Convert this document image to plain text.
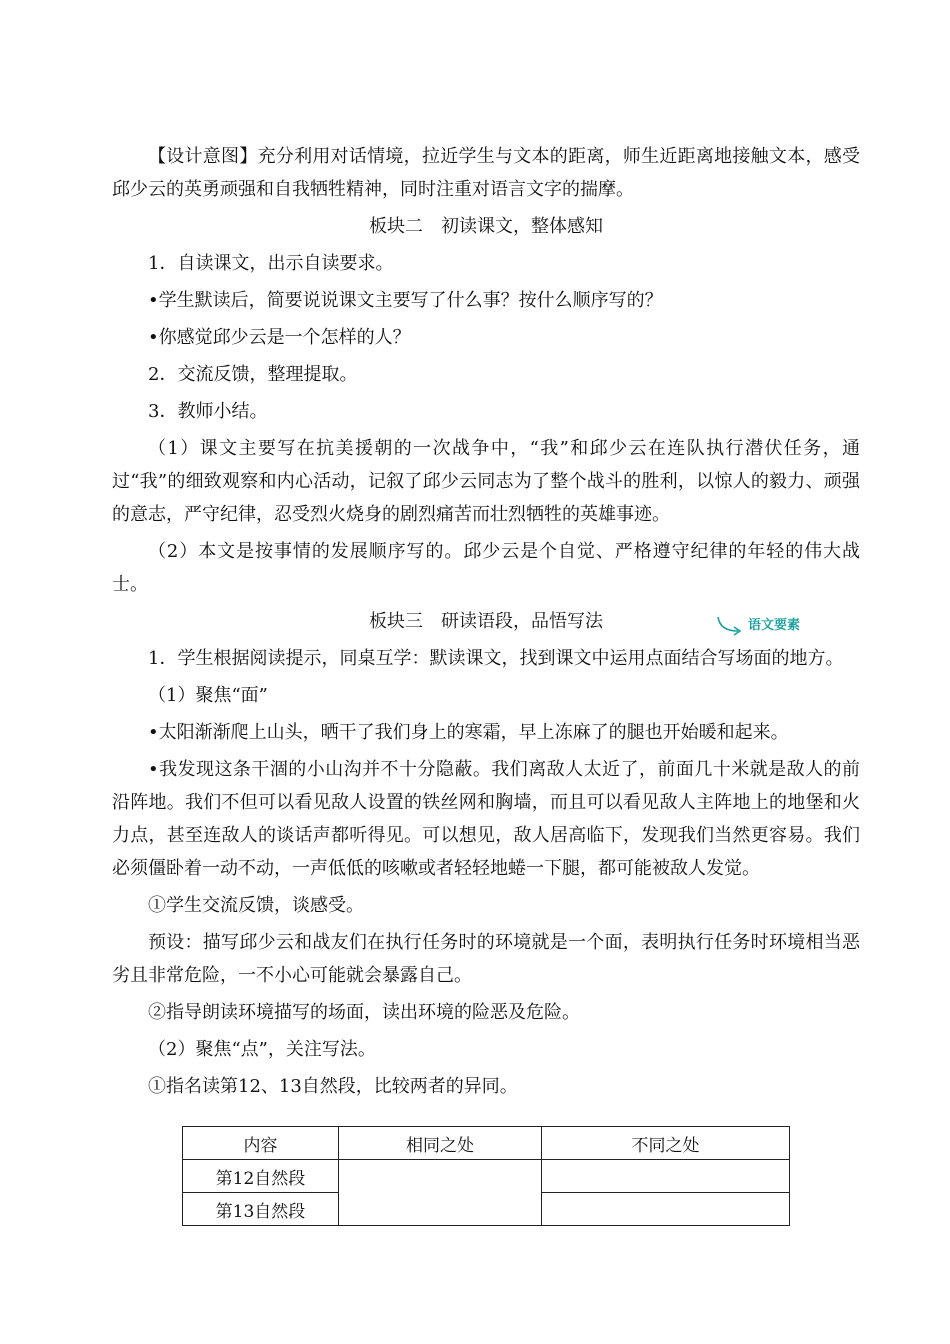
【设计意图】充分利用对话情境，拉近学生与文本的距离，师生近距离地接触文本，感受邱少云的英勇顽强和自我牺牲精神，同时注重对语言文字的揣摩。

板块二　初读课文，整体感知

1．自读课文，出示自读要求。

•学生默读后，简要说说课文主要写了什么事？按什么顺序写的？

•你感觉邱少云是一个怎样的人？

2．交流反馈，整理提取。

3．教师小结。

（1）课文主要写在抗美援朝的一次战争中，“我”和邱少云在连队执行潜伏任务，通过“我”的细致观察和内心活动，记叙了邱少云同志为了整个战斗的胜利，以惊人的毅力、顽强的意志，严守纪律，忍受烈火烧身的剧烈痛苦而壮烈牺牲的英雄事迹。

（2）本文是按事情的发展顺序写的。邱少云是个自觉、严格遵守纪律的年轻的伟大战士。

板块三　研读语段，品悟写法	语文要素

1．学生根据阅读提示，同桌互学：默读课文，找到课文中运用点面结合写场面的地方。

（1）聚焦“面”

•太阳渐渐爬上山头，晒干了我们身上的寒霜，早上冻麻了的腿也开始暖和起来。

•我发现这条干涸的小山沟并不十分隐蔽。我们离敌人太近了，前面几十米就是敌人的前沿阵地。我们不但可以看见敌人设置的铁丝网和胸墙，而且可以看见敌人主阵地上的地堡和火力点，甚至连敌人的谈话声都听得见。可以想见，敌人居高临下，发现我们当然更容易。我们必须僵卧着一动不动，一声低低的咳嗽或者轻轻地蜷一下腿，都可能被敌人发觉。

①学生交流反馈，谈感受。

预设：描写邱少云和战友们在执行任务时的环境就是一个面，表明执行任务时环境相当恶劣且非常危险，一不小心可能就会暴露自己。

②指导朗读环境描写的场面，读出环境的险恶及危险。

（2）聚焦“点”，关注写法。

①指名读第12、13自然段，比较两者的异同。

内容	相同之处	不同之处
第12自然段		
第13自然段		
